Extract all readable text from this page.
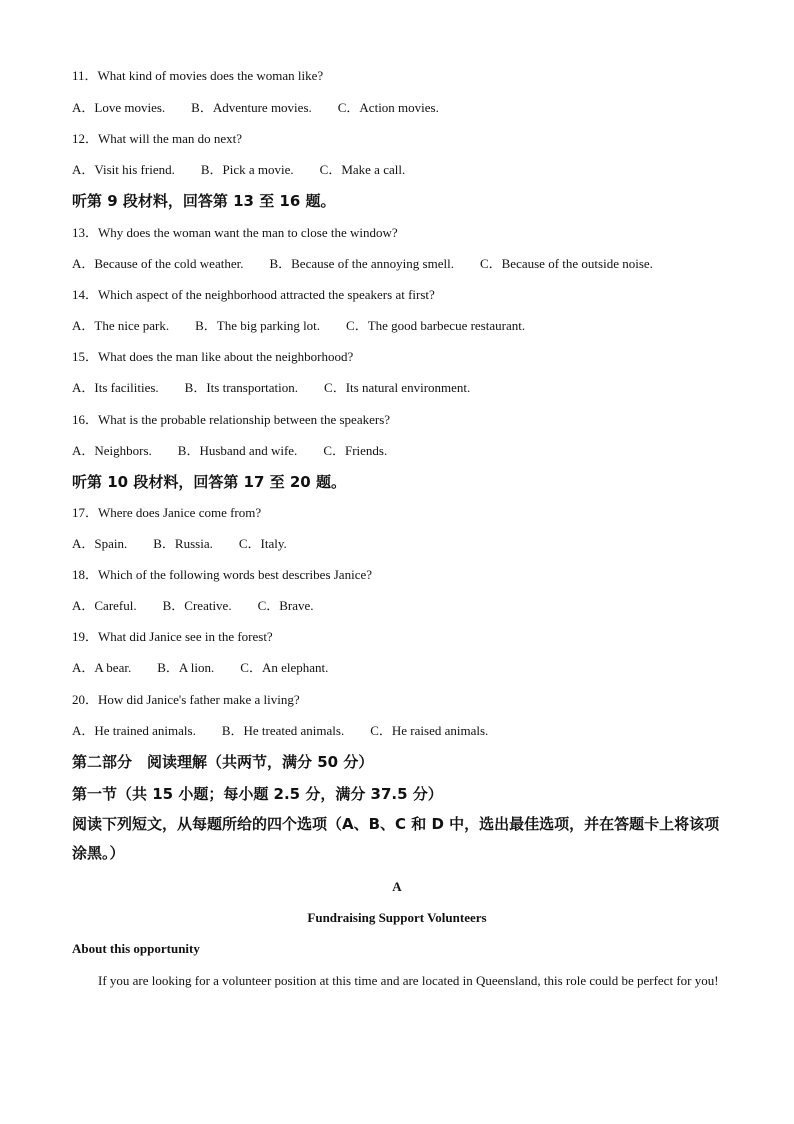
11．What kind of movies does the woman like?
A．Love movies. B．Adventure movies. C．Action movies.
12．What will the man do next?
A．Visit his friend. B．Pick a movie. C．Make a call.
听第 9 段材料，回答第 13 至 16 题。
13．Why does the woman want the man to close the window?
A．Because of the cold weather. B．Because of the annoying smell. C．Because of the outside noise.
14．Which aspect of the neighborhood attracted the speakers at first?
A．The nice park. B．The big parking lot. C．The good barbecue restaurant.
15．What does the man like about the neighborhood?
A．Its facilities. B．Its transportation. C．Its natural environment.
16．What is the probable relationship between the speakers?
A．Neighbors. B．Husband and wife. C．Friends.
听第 10 段材料，回答第 17 至 20 题。
17．Where does Janice come from?
A．Spain. B．Russia. C．Italy.
18．Which of the following words best describes Janice?
A．Careful. B．Creative. C．Brave.
19．What did Janice see in the forest?
A．A bear. B．A lion. C．An elephant.
20．How did Janice's father make a living?
A．He trained animals. B．He treated animals. C．He raised animals.
第二部分　阅读理解（共两节，满分 50 分）
第一节（共 15 小题；每小题 2.5 分，满分 37.5 分）
阅读下列短文，从每题所给的四个选项（A、B、C 和 D 中，选出最佳选项，并在答题卡上将该项涂黑。）
A
Fundraising Support Volunteers
About this opportunity
If you are looking for a volunteer position at this time and are located in Queensland, this role could be perfect for you!
